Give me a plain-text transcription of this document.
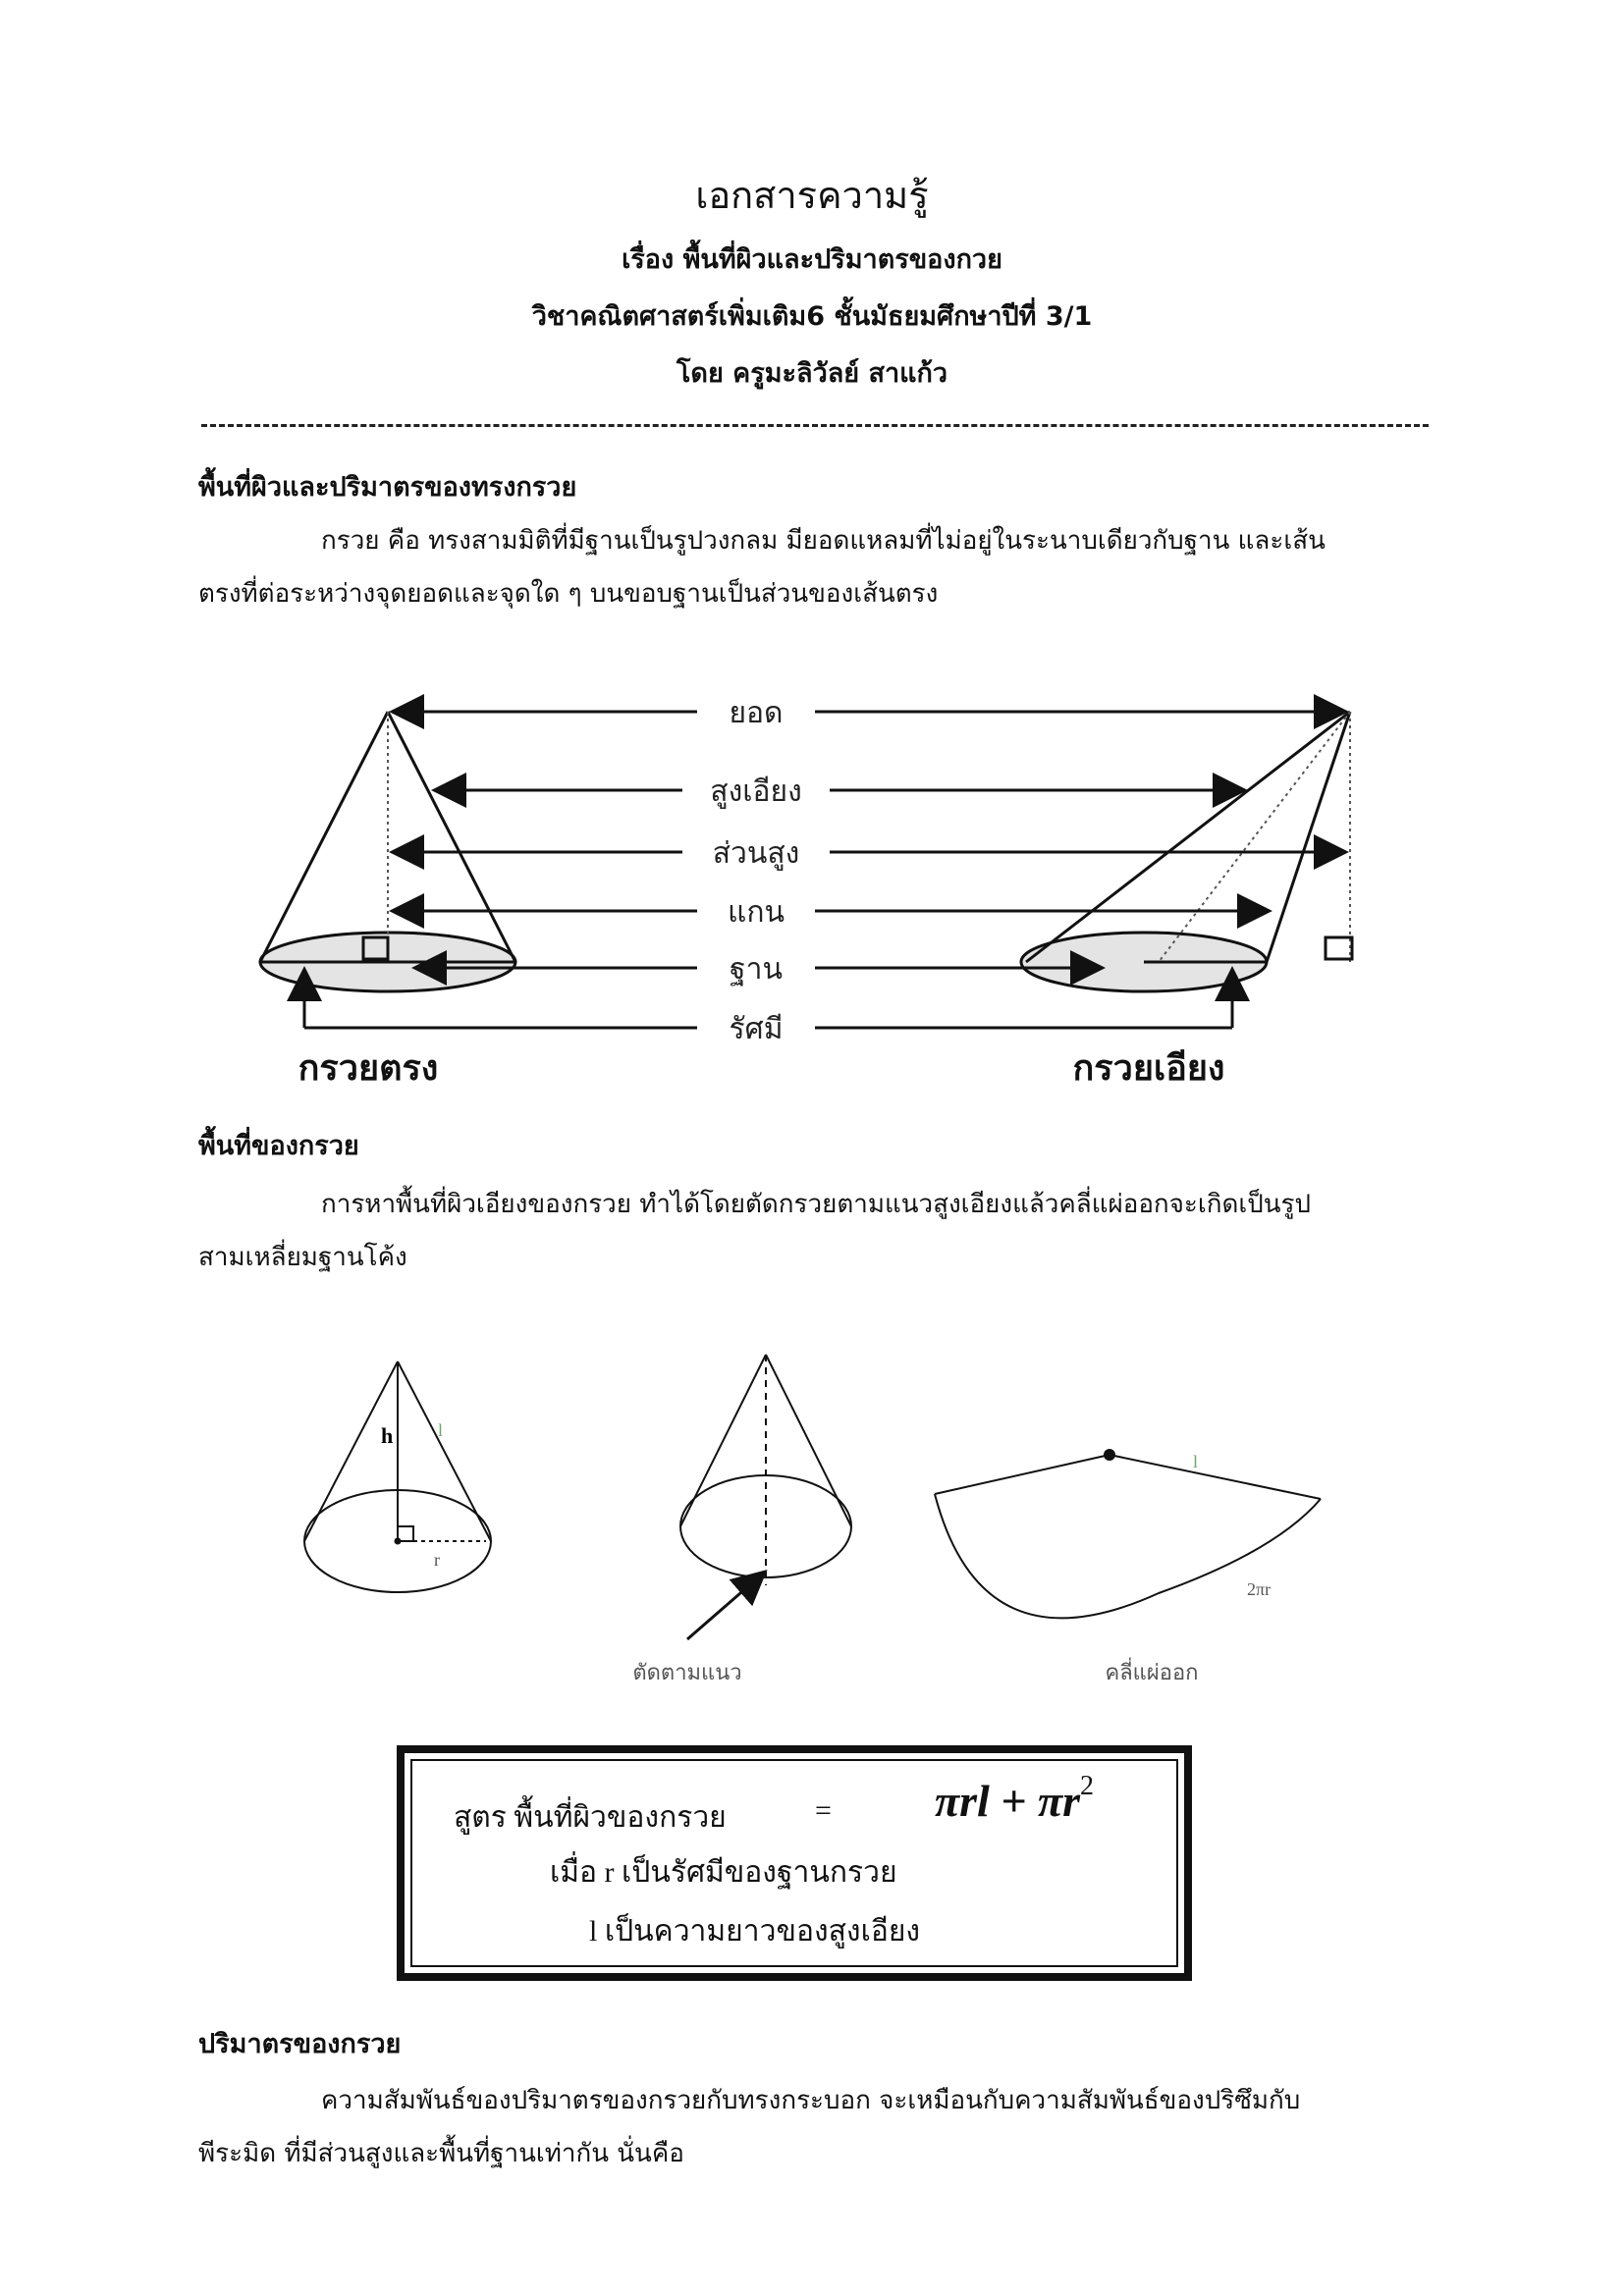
เอกสารความรู้
เรื่อง พื้นที่ผิวและปริมาตรของกวย
วิชาคณิตศาสตร์เพิ่มเติม6 ชั้นมัธยมศึกษาปีที่ 3/1
โดย ครูมะลิวัลย์ สาแก้ว
พื้นที่ผิวและปริมาตรของทรงกรวย
กรวย คือ ทรงสามมิติที่มีฐานเป็นรูปวงกลม มียอดแหลมที่ไม่อยู่ในระนาบเดียวกับฐาน และเส้น
ตรงที่ต่อระหว่างจุดยอดและจุดใด ๆ บนขอบฐานเป็นส่วนของเส้นตรง
ยอด
สูงเอียง
ส่วนสูง
แกน
ฐาน
รัศมี
กรวยตรง	กรวยเอียง
พื้นที่ของกรวย
การหาพื้นที่ผิวเอียงของกรวย ทำได้โดยตัดกรวยตามแนวสูงเอียงแล้วคลี่แผ่ออกจะเกิดเป็นรูป
สามเหลี่ยมฐานโค้ง
h	l
r
ตัดตามแนว
l
2πr
คลี่แผ่ออก
สูตร พื้นที่ผิวของกรวย	= $\pi rl + \pi r^2$
เมื่อ r เป็นรัศมีของฐานกรวย
l เป็นความยาวของสูงเอียง
ปริมาตรของกรวย
ความสัมพันธ์ของปริมาตรของกรวยกับทรงกระบอก จะเหมือนกับความสัมพันธ์ของปริซึมกับ
พีระมิด ที่มีส่วนสูงและพื้นที่ฐานเท่ากัน นั่นคือ
